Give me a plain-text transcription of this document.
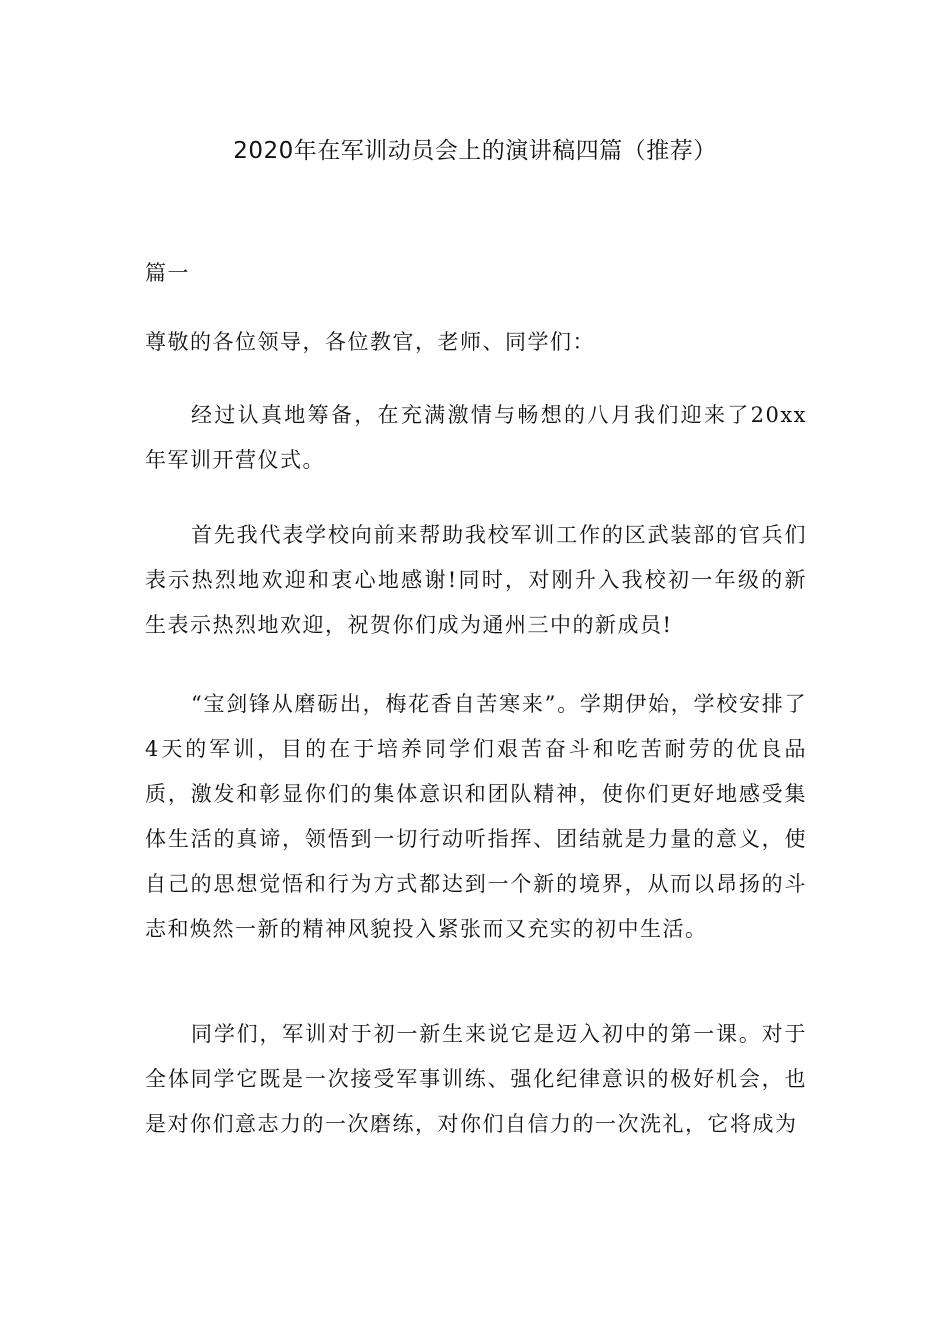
2020年在军训动员会上的演讲稿四篇（推荐）

篇一

尊敬的各位领导，各位教官，老师、同学们：

经过认真地筹备，在充满激情与畅想的八月我们迎来了20xx年军训开营仪式。

首先我代表学校向前来帮助我校军训工作的区武装部的官兵们表示热烈地欢迎和衷心地感谢!同时，对刚升入我校初一年级的新生表示热烈地欢迎，祝贺你们成为通州三中的新成员!

“宝剑锋从磨砺出，梅花香自苦寒来”。学期伊始，学校安排了4天的军训，目的在于培养同学们艰苦奋斗和吃苦耐劳的优良品质，激发和彰显你们的集体意识和团队精神，使你们更好地感受集体生活的真谛，领悟到一切行动听指挥、团结就是力量的意义，使自己的思想觉悟和行为方式都达到一个新的境界，从而以昂扬的斗志和焕然一新的精神风貌投入紧张而又充实的初中生活。

同学们，军训对于初一新生来说它是迈入初中的第一课。对于全体同学它既是一次接受军事训练、强化纪律意识的极好机会，也是对你们意志力的一次磨练，对你们自信力的一次洗礼，它将成为
